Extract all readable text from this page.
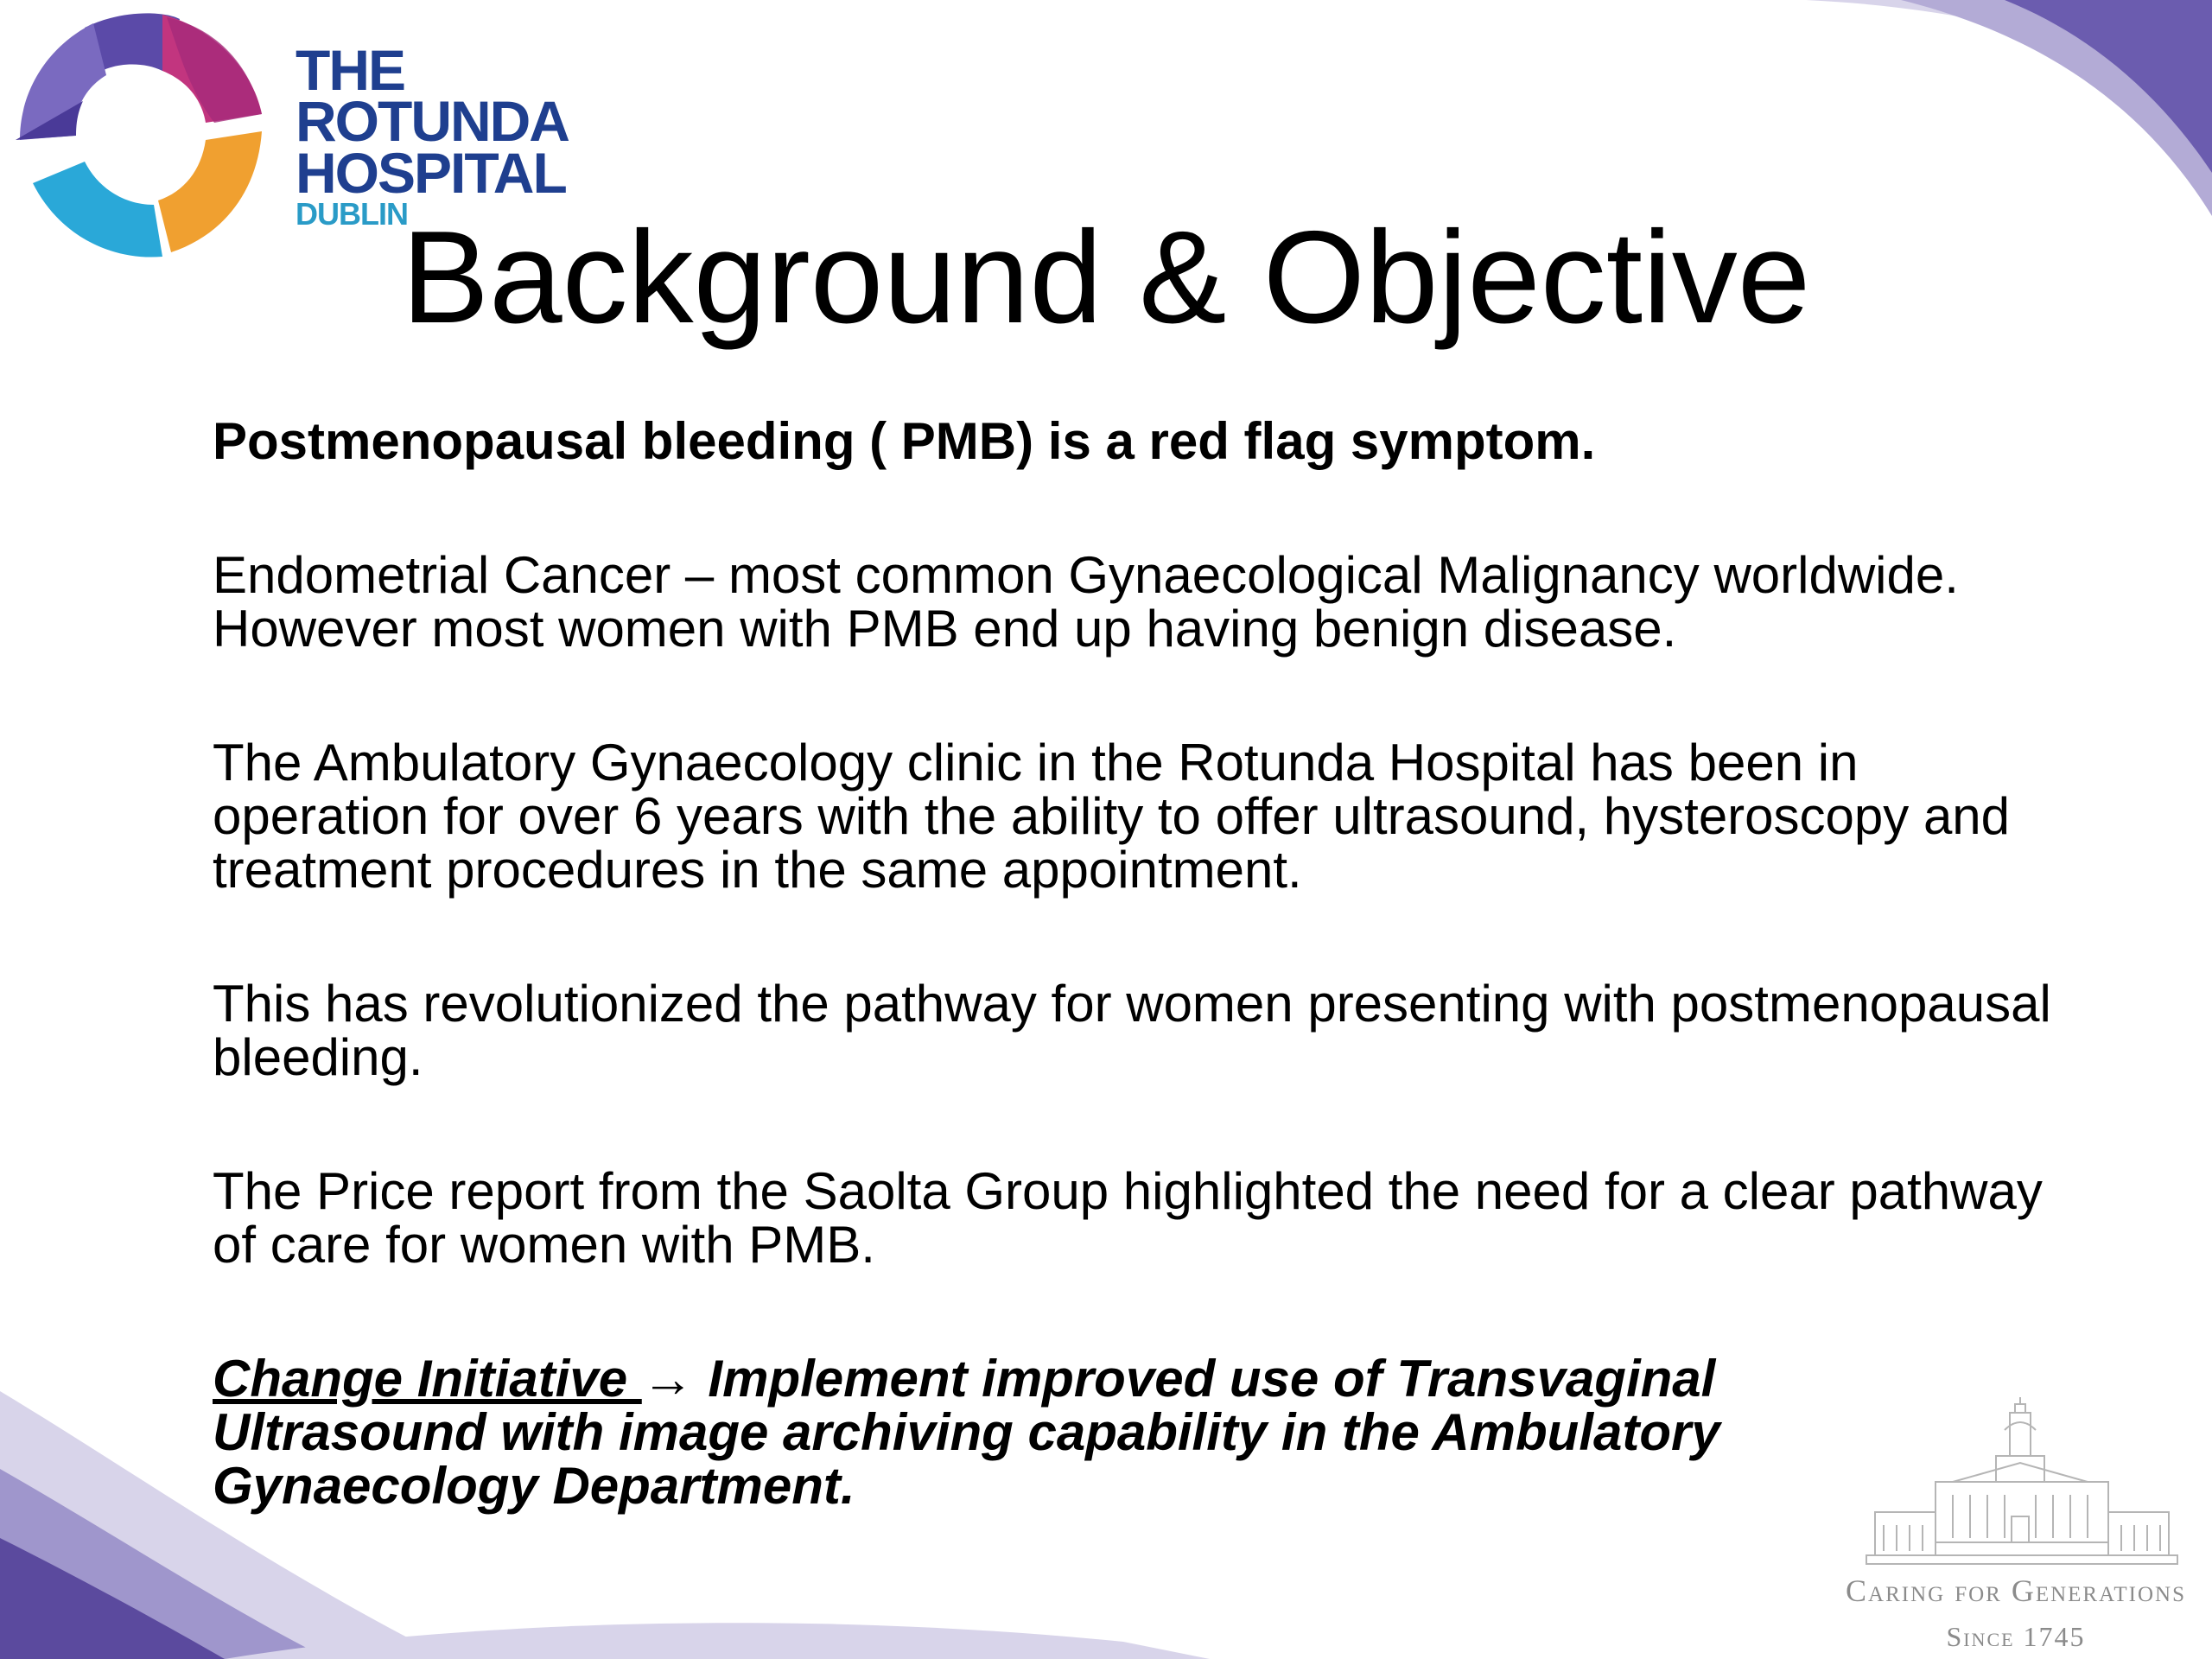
THE
ROTUNDA
HOSPITAL
DUBLIN
Background & Objective

Postmenopausal bleeding ( PMB) is a red flag symptom.

Endometrial Cancer – most common Gynaecological Malignancy worldwide. However most women with PMB end up having benign disease.

The Ambulatory Gynaecology clinic in the Rotunda Hospital has been in operation for over 6 years with the ability to offer ultrasound, hysteroscopy and treatment procedures in the same appointment.

This has revolutionized the pathway for women presenting with postmenopausal bleeding.

The Price report from the Saolta Group highlighted the need for a clear pathway of care for women with PMB.

Change Initiative → Implement improved use of Transvaginal Ultrasound with image archiving capability in the Ambulatory Gynaecology Department.

Caring for Generations
Since 1745
